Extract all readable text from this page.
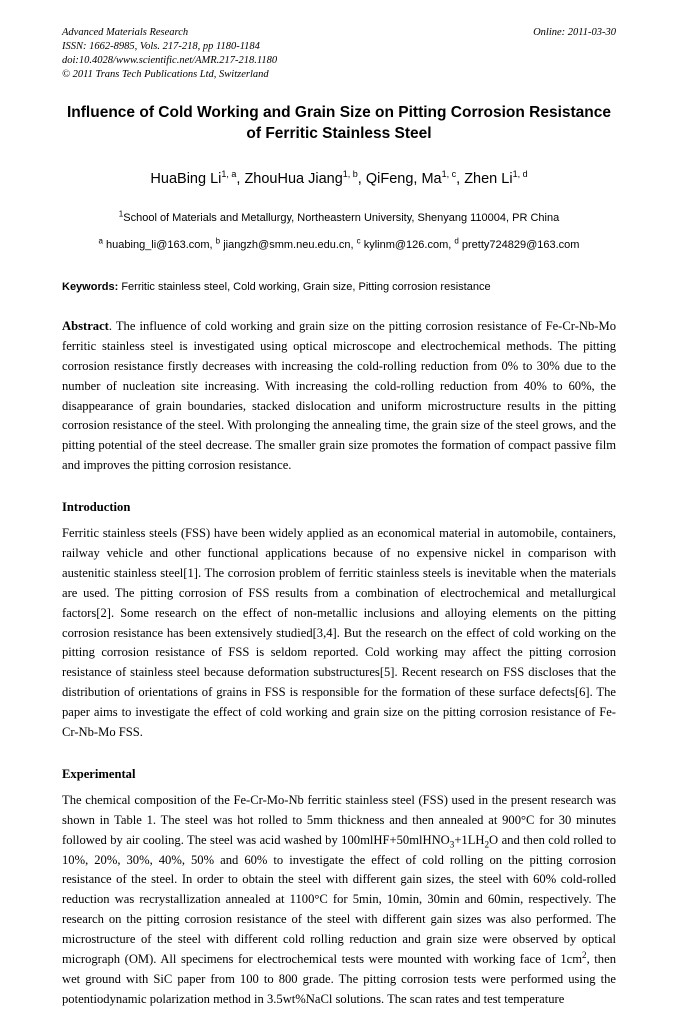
Advanced Materials Research
ISSN: 1662-8985, Vols. 217-218, pp 1180-1184
doi:10.4028/www.scientific.net/AMR.217-218.1180
© 2011 Trans Tech Publications Ltd, Switzerland
Online: 2011-03-30
Influence of Cold Working and Grain Size on Pitting Corrosion Resistance of Ferritic Stainless Steel
HuaBing Li$^{1, a}$, ZhouHua Jiang$^{1, b}$, QiFeng, Ma$^{1, c}$, Zhen Li$^{1, d}$
$^1$School of Materials and Metallurgy, Northeastern University, Shenyang 110004, PR China
$^a$ huabing_li@163.com, $^b$ jiangzh@smm.neu.edu.cn, $^c$ kylinm@126.com, $^d$ pretty724829@163.com
Keywords: Ferritic stainless steel, Cold working, Grain size, Pitting corrosion resistance
Abstract. The influence of cold working and grain size on the pitting corrosion resistance of Fe-Cr-Nb-Mo ferritic stainless steel is investigated using optical microscope and electrochemical methods. The pitting corrosion resistance firstly decreases with increasing the cold-rolling reduction from 0% to 30% due to the number of nucleation site increasing. With increasing the cold-rolling reduction from 40% to 60%, the disappearance of grain boundaries, stacked dislocation and uniform microstructure results in the pitting corrosion resistance of the steel. With prolonging the annealing time, the grain size of the steel grows, and the pitting potential of the steel decrease. The smaller grain size promotes the formation of compact passive film and improves the pitting corrosion resistance.
Introduction
Ferritic stainless steels (FSS) have been widely applied as an economical material in automobile, containers, railway vehicle and other functional applications because of no expensive nickel in comparison with austenitic stainless steel[1]. The corrosion problem of ferritic stainless steels is inevitable when the materials are used. The pitting corrosion of FSS results from a combination of electrochemical and metallurgical factors[2]. Some research on the effect of non-metallic inclusions and alloying elements on the pitting corrosion resistance has been extensively studied[3,4]. But the research on the effect of cold working on the pitting corrosion resistance of FSS is seldom reported. Cold working may affect the pitting corrosion resistance of stainless steel because deformation substructures[5]. Recent research on FSS discloses that the distribution of orientations of grains in FSS is responsible for the formation of these surface defects[6]. The paper aims to investigate the effect of cold working and grain size on the pitting corrosion resistance of Fe-Cr-Nb-Mo FSS.
Experimental
The chemical composition of the Fe-Cr-Mo-Nb ferritic stainless steel (FSS) used in the present research was shown in Table 1. The steel was hot rolled to 5mm thickness and then annealed at 900°C for 30 minutes followed by air cooling. The steel was acid washed by $100mlHF+50mlHNO_3+1LH_2O$ and then cold rolled to 10%, 20%, 30%, 40%, 50% and 60% to investigate the effect of cold rolling on the pitting corrosion resistance of the steel. In order to obtain the steel with different gain sizes, the steel with 60% cold-rolled reduction was recrystallization annealed at 1100°C for 5min, 10min, 30min and 60min, respectively. The research on the pitting corrosion resistance of the steel with different gain sizes was also performed. The microstructure of the steel with different cold rolling reduction and grain size were observed by optical micrograph (OM). All specimens for electrochemical tests were mounted with working face of $1cm^2$, then wet ground with SiC paper from 100 to 800 grade. The pitting corrosion tests were performed using the potentiodynamic polarization method in 3.5wt%NaCl solutions. The scan rates and test temperature
